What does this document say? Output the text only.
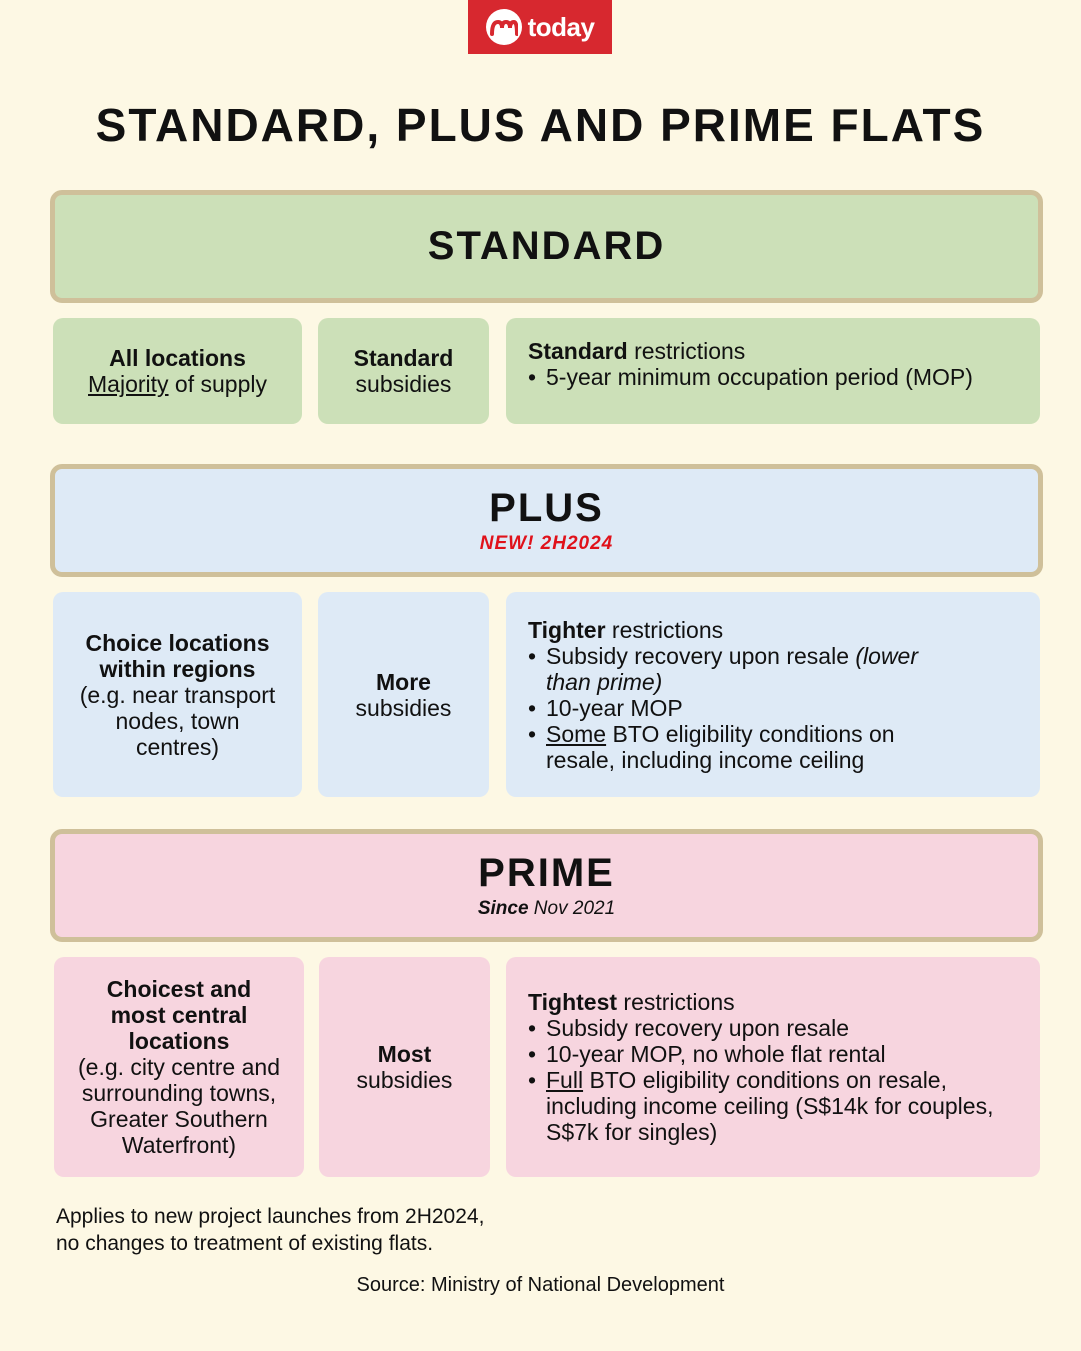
today
STANDARD, PLUS AND PRIME FLATS
STANDARD
All locations
Majority of supply
Standard
subsidies
Standard restrictions
• 5-year minimum occupation period (MOP)
PLUS
NEW! 2H2024
Choice locations within regions
(e.g. near transport nodes, town centres)
More
subsidies
Tighter restrictions
• Subsidy recovery upon resale (lower than prime)
• 10-year MOP
• Some BTO eligibility conditions on resale, including income ceiling
PRIME
Since Nov 2021
Choicest and most central locations
(e.g. city centre and surrounding towns, Greater Southern Waterfront)
Most
subsidies
Tightest restrictions
• Subsidy recovery upon resale
• 10-year MOP, no whole flat rental
• Full BTO eligibility conditions on resale, including income ceiling (S$14k for couples, S$7k for singles)
Applies to new project launches from 2H2024,
no changes to treatment of existing flats.
Source: Ministry of National Development
